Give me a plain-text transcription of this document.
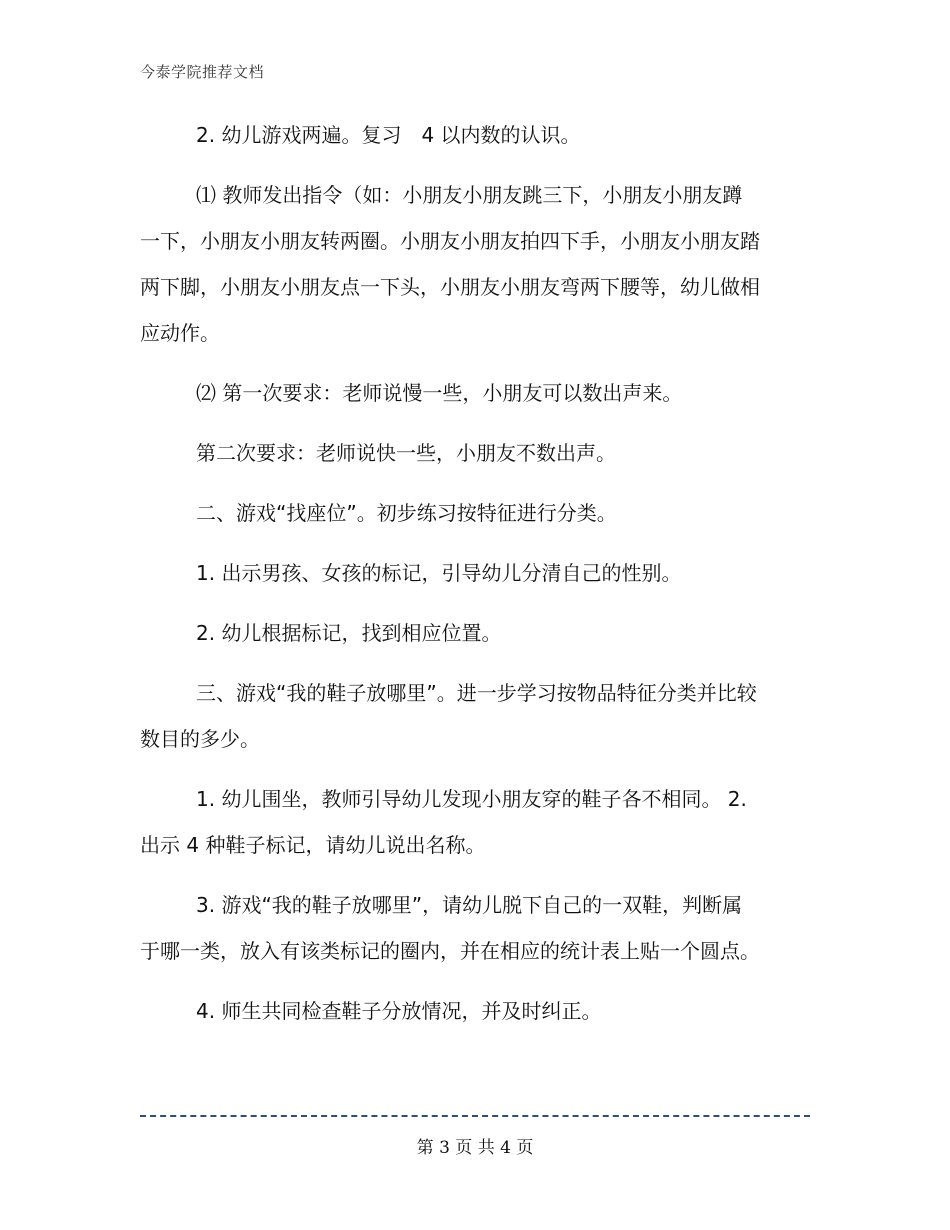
今泰学院推荐文档

2. 幼儿游戏两遍。复习　4 以内数的认识。

⑴ 教师发出指令（如：小朋友小朋友跳三下，小朋友小朋友蹲一下，小朋友小朋友转两圈。小朋友小朋友拍四下手，小朋友小朋友踏两下脚，小朋友小朋友点一下头，小朋友小朋友弯两下腰等，幼儿做相应动作。

⑵ 第一次要求：老师说慢一些，小朋友可以数出声来。

第二次要求：老师说快一些，小朋友不数出声。

二、游戏“找座位”。初步练习按特征进行分类。

1. 出示男孩、女孩的标记，引导幼儿分清自己的性别。

2. 幼儿根据标记，找到相应位置。

三、游戏“我的鞋子放哪里”。进一步学习按物品特征分类并比较数目的多少。

1. 幼儿围坐，教师引导幼儿发现小朋友穿的鞋子各不相同。 2. 出示 4 种鞋子标记，请幼儿说出名称。

3. 游戏“我的鞋子放哪里”，请幼儿脱下自己的一双鞋，判断属于哪一类，放入有该类标记的圈内，并在相应的统计表上贴一个圆点。

4. 师生共同检查鞋子分放情况，并及时纠正。

第 3 页 共 4 页
